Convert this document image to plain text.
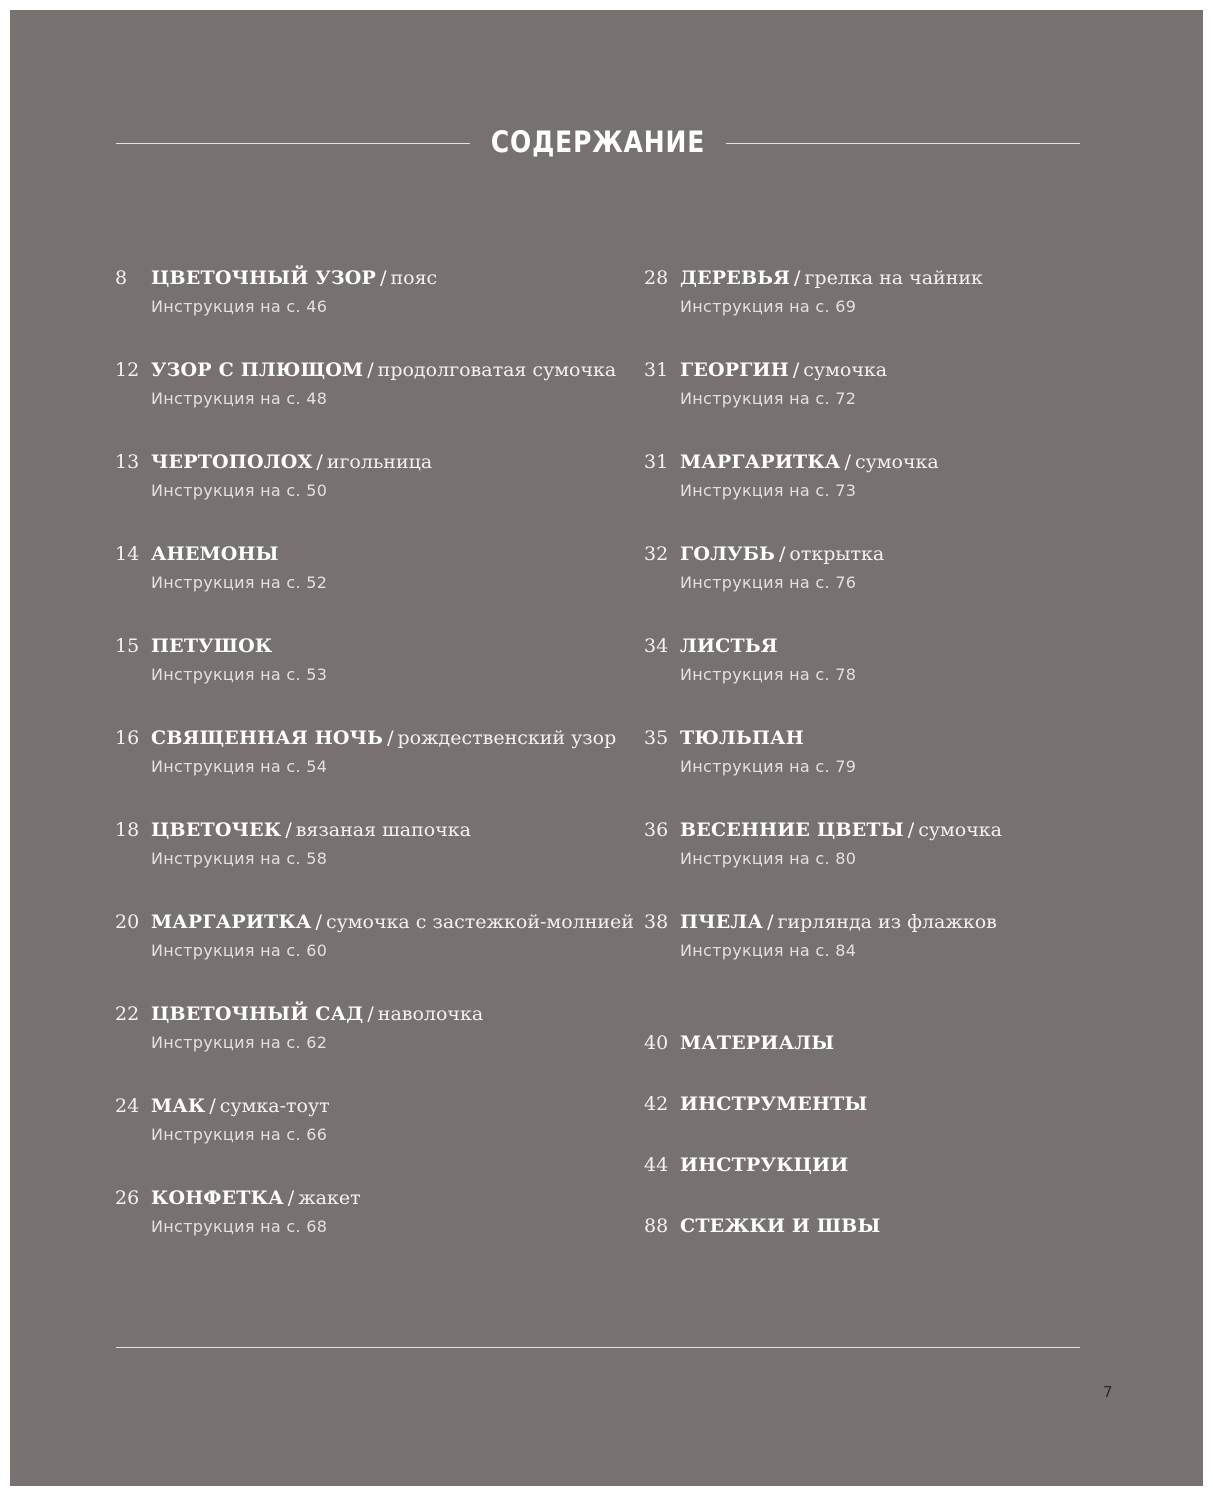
СОДЕРЖАНИЕ
8	ЦВЕТОЧНЫЙ УЗОР / пояс
Инструкция на с. 46
12 УЗОР С ПЛЮЩОМ / продолговатая сумочка
Инструкция на с. 48
13 ЧЕРТОПОЛОХ / игольница
Инструкция на с. 50
14 АНЕМОНЫ
Инструкция на с. 52
15 ПЕТУШОК
Инструкция на с. 53
16 СВЯЩЕННАЯ НОЧЬ / рождественский узор
Инструкция на с. 54
18 ЦВЕТОЧЕК / вязаная шапочка
Инструкция на с. 58
20 МАРГАРИТКА / сумочка с застежкой-молнией
Инструкция на с. 60
22 ЦВЕТОЧНЫЙ САД / наволочка
Инструкция на с. 62
24 МАК / сумка-тоут
Инструкция на с. 66
26 КОНФЕТКА / жакет
Инструкция на с. 68
28 ДЕРЕВЬЯ / грелка на чайник
Инструкция на с. 69
31 ГЕОРГИН / сумочка
Инструкция на с. 72
31 МАРГАРИТКА / сумочка
Инструкция на с. 73
32 ГОЛУБЬ / открытка
Инструкция на с. 76
34 ЛИСТЬЯ
Инструкция на с. 78
35 ТЮЛЬПАН
Инструкция на с. 79
36 ВЕСЕННИЕ ЦВЕТЫ / сумочка
Инструкция на с. 80
38 ПЧЕЛА / гирлянда из флажков
Инструкция на с. 84
40 МАТЕРИАЛЫ
42 ИНСТРУМЕНТЫ
44 ИНСТРУКЦИИ
88 СТЕЖКИ И ШВЫ
7
